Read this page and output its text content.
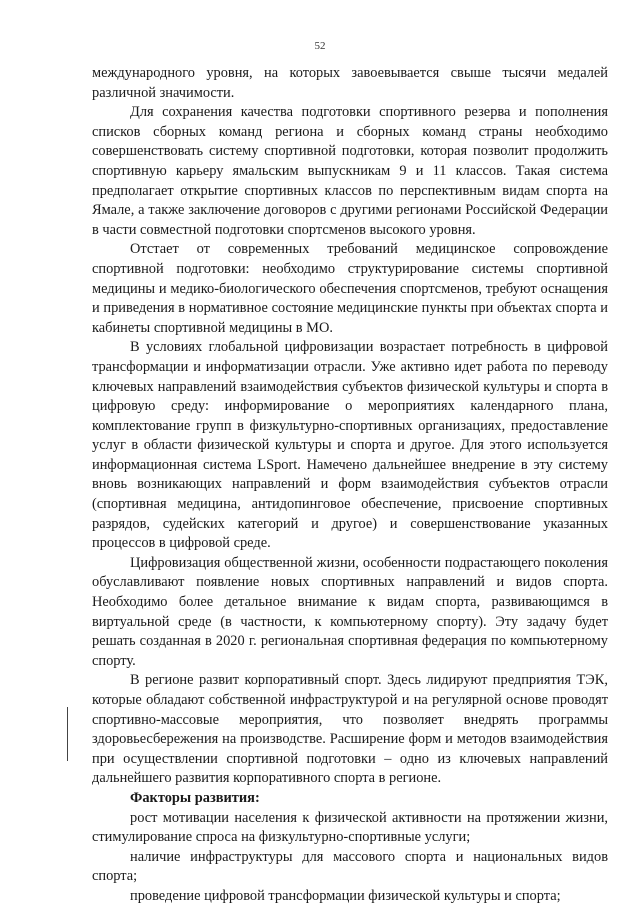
52

международного уровня, на которых завоевывается свыше тысячи медалей различной значимости.

Для сохранения качества подготовки спортивного резерва и пополнения списков сборных команд региона и сборных команд страны необходимо совершенствовать систему спортивной подготовки, которая позволит продолжить спортивную карьеру ямальским выпускникам 9 и 11 классов. Такая система предполагает открытие спортивных классов по перспективным видам спорта на Ямале, а также заключение договоров с другими регионами Российской Федерации в части совместной подготовки спортсменов высокого уровня.

Отстает от современных требований медицинское сопровождение спортивной подготовки: необходимо структурирование системы спортивной медицины и медико-биологического обеспечения спортсменов, требуют оснащения и приведения в нормативное состояние медицинские пункты при объектах спорта и кабинеты спортивной медицины в МО.

В условиях глобальной цифровизации возрастает потребность в цифровой трансформации и информатизации отрасли. Уже активно идет работа по переводу ключевых направлений взаимодействия субъектов физической культуры и спорта в цифровую среду: информирование о мероприятиях календарного плана, комплектование групп в физкультурно-спортивных организациях, предоставление услуг в области физической культуры и спорта и другое. Для этого используется информационная система LSport. Намечено дальнейшее внедрение в эту систему вновь возникающих направлений и форм взаимодействия субъектов отрасли (спортивная медицина, антидопинговое обеспечение, присвоение спортивных разрядов, судейских категорий и другое) и совершенствование указанных процессов в цифровой среде.

Цифровизация общественной жизни, особенности подрастающего поколения обуславливают появление новых спортивных направлений и видов спорта. Необходимо более детальное внимание к видам спорта, развивающимся в виртуальной среде (в частности, к компьютерному спорту). Эту задачу будет решать созданная в 2020 г. региональная спортивная федерация по компьютерному спорту.

В регионе развит корпоративный спорт. Здесь лидируют предприятия ТЭК, которые обладают собственной инфраструктурой и на регулярной основе проводят спортивно-массовые мероприятия, что позволяет внедрять программы здоровьесбережения на производстве. Расширение форм и методов взаимодействия при осуществлении спортивной подготовки – одно из ключевых направлений дальнейшего развития корпоративного спорта в регионе.

Факторы развития:

рост мотивации населения к физической активности на протяжении жизни, стимулирование спроса на физкультурно-спортивные услуги;

наличие инфраструктуры для массового спорта и национальных видов спорта;

проведение цифровой трансформации физической культуры и спорта;
